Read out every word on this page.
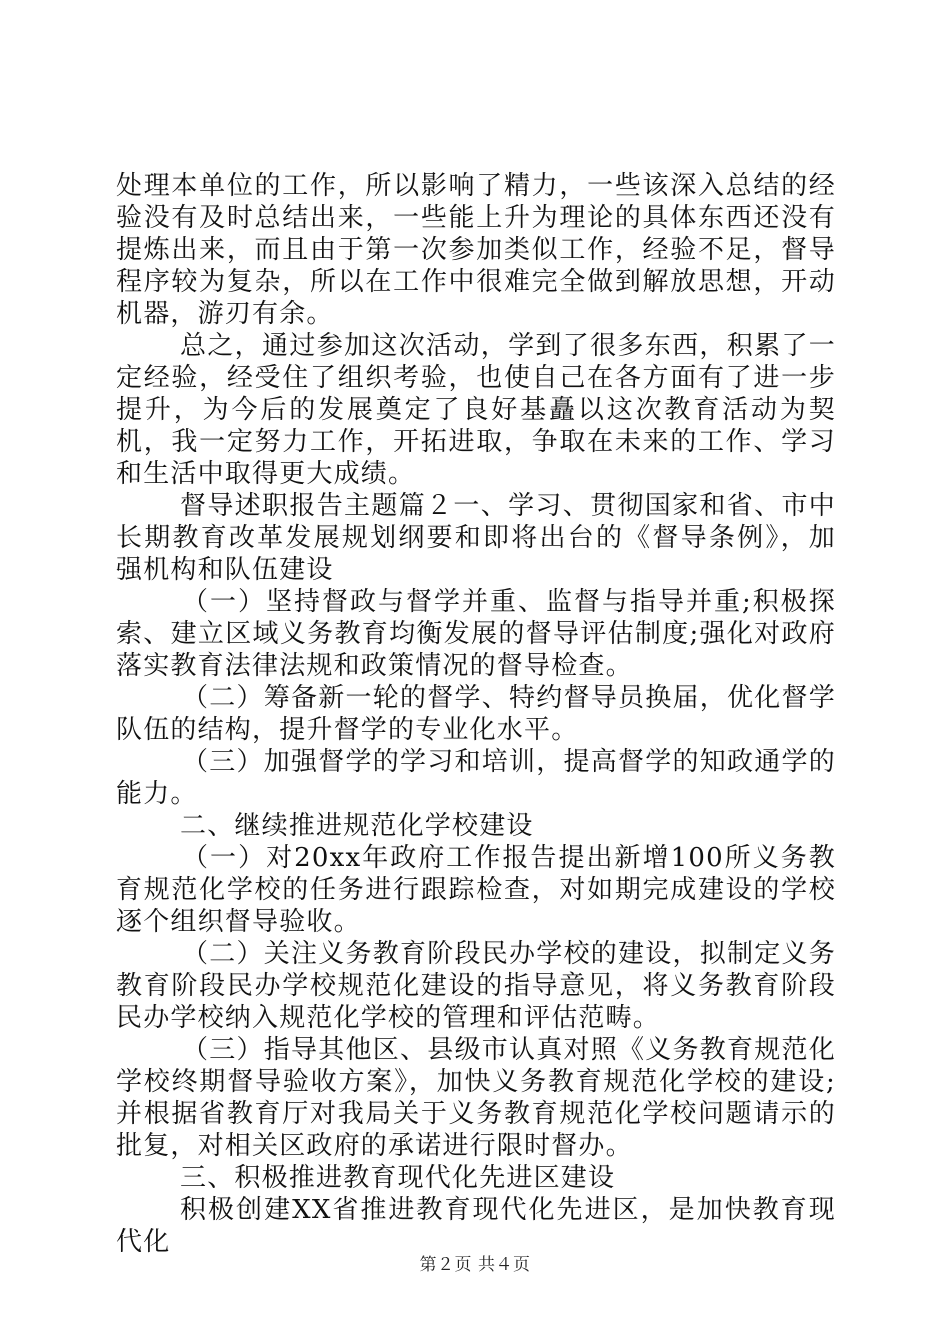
处理本单位的工作，所以影响了精力，一些该深入总结的经验没有及时总结出来，一些能上升为理论的具体东西还没有提炼出来，而且由于第一次参加类似工作，经验不足，督导程序较为复杂，所以在工作中很难完全做到解放思想，开动机器，游刃有余。

总之，通过参加这次活动，学到了很多东西，积累了一定经验，经受住了组织考验，也使自己在各方面有了进一步提升，为今后的发展奠定了良好基矗以这次教育活动为契机，我一定努力工作，开拓进取，争取在未来的工作、学习和生活中取得更大成绩。

督导述职报告主题篇２一、学习、贯彻国家和省、市中长期教育改革发展规划纲要和即将出台的《督导条例》，加强机构和队伍建设

（一）坚持督政与督学并重、监督与指导并重;积极探索、建立区域义务教育均衡发展的督导评估制度;强化对政府落实教育法律法规和政策情况的督导检查。

（二）筹备新一轮的督学、特约督导员换届，优化督学队伍的结构，提升督学的专业化水平。

（三）加强督学的学习和培训，提高督学的知政通学的能力。

二、继续推进规范化学校建设

（一）对20xx年政府工作报告提出新增100所义务教育规范化学校的任务进行跟踪检查，对如期完成建设的学校逐个组织督导验收。

（二）关注义务教育阶段民办学校的建设，拟制定义务教育阶段民办学校规范化建设的指导意见，将义务教育阶段民办学校纳入规范化学校的管理和评估范畴。

（三）指导其他区、县级市认真对照《义务教育规范化学校终期督导验收方案》，加快义务教育规范化学校的建设;并根据省教育厅对我局关于义务教育规范化学校问题请示的批复，对相关区政府的承诺进行限时督办。

三、积极推进教育现代化先进区建设

积极创建XX省推进教育现代化先进区，是加快教育现代化

第２页 共４页
